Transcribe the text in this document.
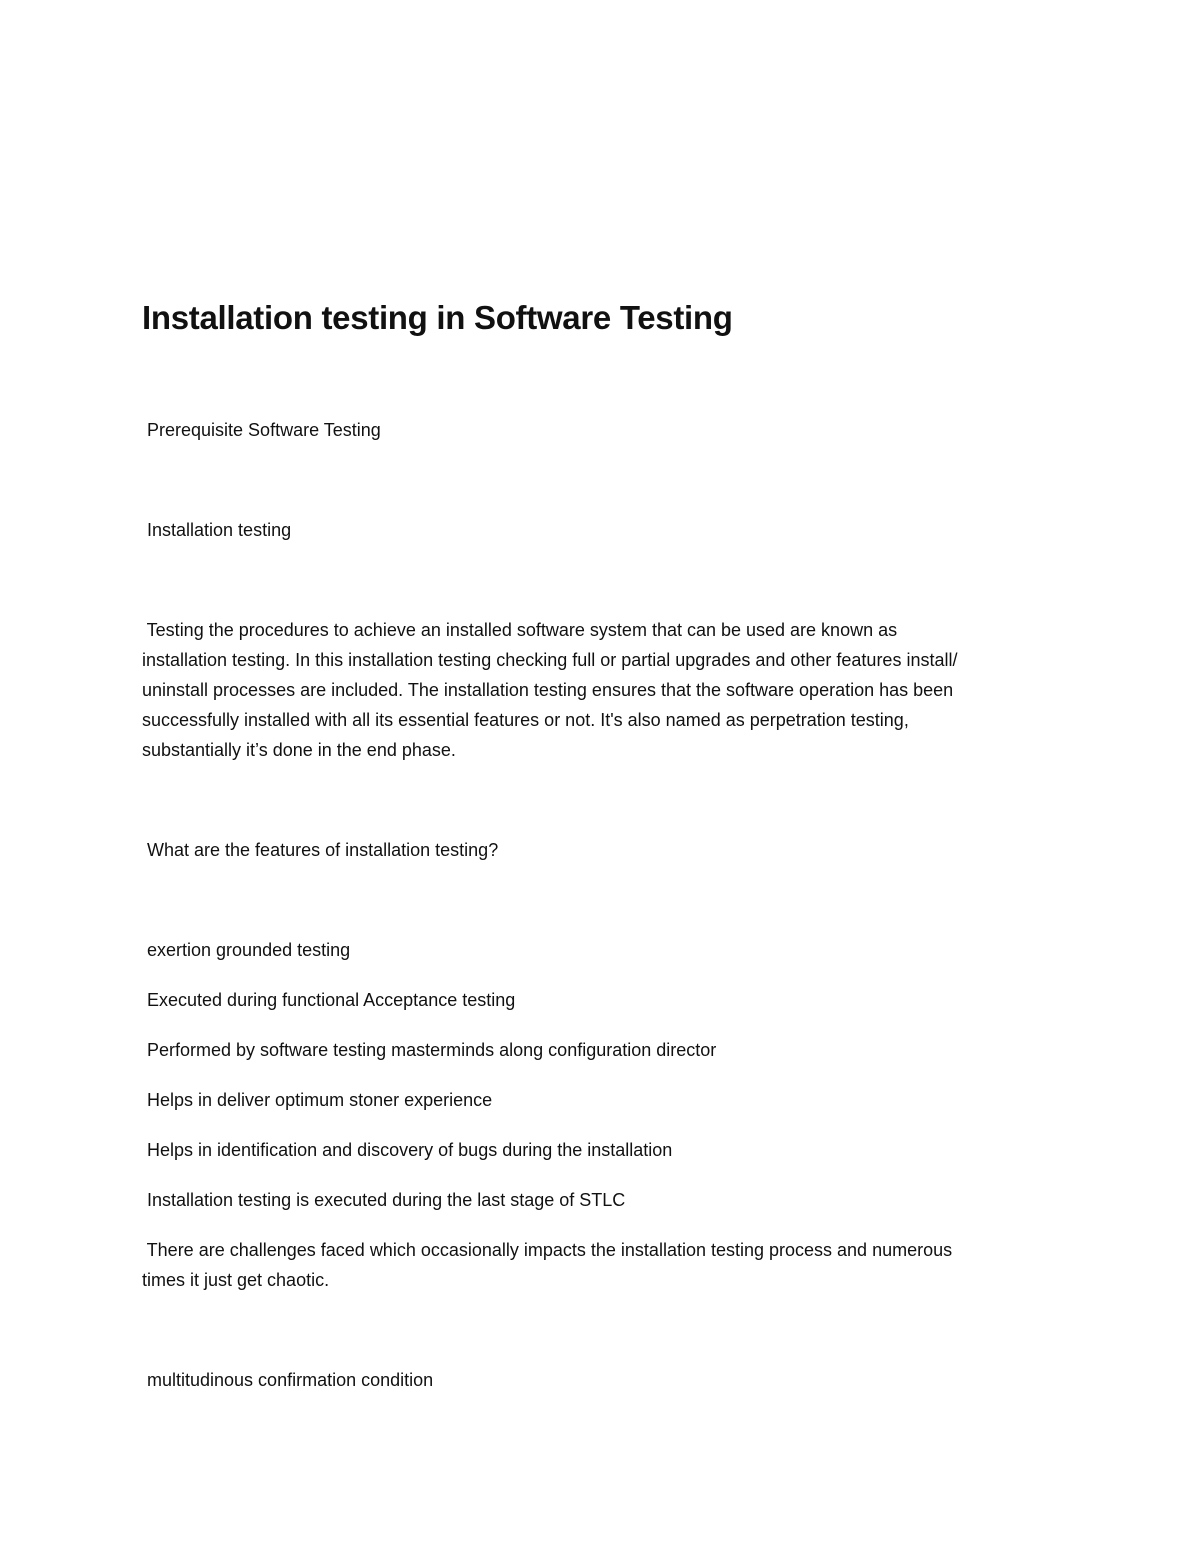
Installation testing in Software Testing

Prerequisite Software Testing

Installation testing

Testing the procedures to achieve an installed software system that can be used are known as
installation testing. In this installation testing checking full or partial upgrades and other features install/
uninstall processes are included. The installation testing ensures that the software operation has been
successfully installed with all its essential features or not. It's also named as perpetration testing,
substantially it’s done in the end phase.

What are the features of installation testing?

exertion grounded testing

Executed during functional Acceptance testing

Performed by software testing masterminds along configuration director

Helps in deliver optimum stoner experience

Helps in identification and discovery of bugs during the installation

Installation testing is executed during the last stage of STLC

There are challenges faced which occasionally impacts the installation testing process and numerous
times it just get chaotic.

multitudinous confirmation condition
